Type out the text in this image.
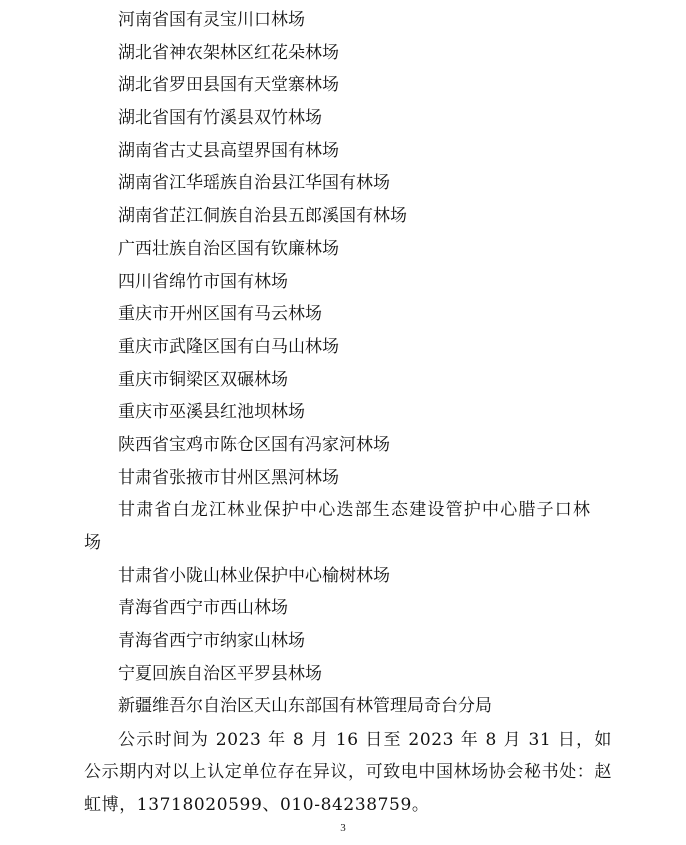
河南省国有灵宝川口林场
湖北省神农架林区红花朵林场
湖北省罗田县国有天堂寨林场
湖北省国有竹溪县双竹林场
湖南省古丈县高望界国有林场
湖南省江华瑶族自治县江华国有林场
湖南省芷江侗族自治县五郎溪国有林场
广西壮族自治区国有钦廉林场
四川省绵竹市国有林场
重庆市开州区国有马云林场
重庆市武隆区国有白马山林场
重庆市铜梁区双碾林场
重庆市巫溪县红池坝林场
陕西省宝鸡市陈仓区国有冯家河林场
甘肃省张掖市甘州区黑河林场
甘肃省白龙江林业保护中心迭部生态建设管护中心腊子口林场
甘肃省小陇山林业保护中心榆树林场
青海省西宁市西山林场
青海省西宁市纳家山林场
宁夏回族自治区平罗县林场
新疆维吾尔自治区天山东部国有林管理局奇台分局
公示时间为 2023 年 8 月 16 日至 2023 年 8 月 31 日，如公示期内对以上认定单位存在异议，可致电中国林场协会秘书处：赵虹博，13718020599、010-84238759。
3
